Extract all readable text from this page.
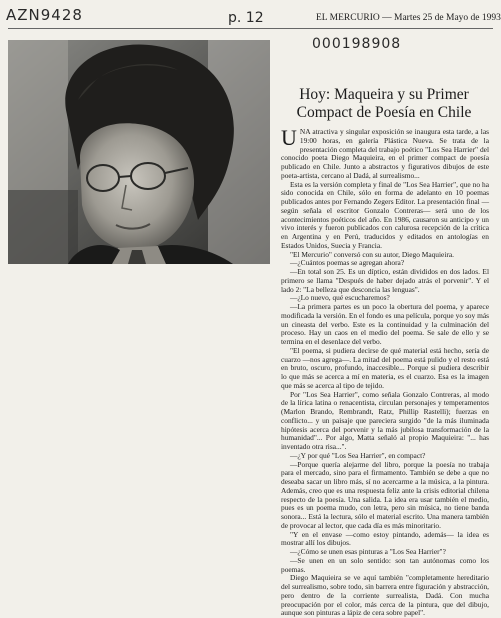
AZN9428	p. 12
000198908
EL MERCURIO — Martes 25 de Mayo de 1993
Hoy: Maqueira y su Primer Compact de Poesía en Chile

UNA atractiva y singular exposición se inaugura esta tarde, a las 19:00 horas, en galería Plástica Nueva. Se trata de la presentación completa del trabajo poético "Los Sea Harrier" del conocido poeta Diego Maquieira, en el primer compact de poesía publicado en Chile. Junto a abstractos y figurativos dibujos de este poeta-artista, cercano al Dadá, al surrealismo...

Esta es la versión completa y final de "Los Sea Harrier", que no ha sido conocida en Chile, sólo en forma de adelanto en 10 poemas publicados antes por Fernando Zegers Editor. La presentación final —según señala el escritor Gonzalo Contreras— será uno de los acontecimientos poéticos del año. En 1986, causaron su anticipo y un vivo interés y fueron publicados con calurosa recepción de la crítica en Argentina y en Perú, traducidos y editados en antologías en Estados Unidos, Suecia y Francia.

"El Mercurio" conversó con su autor, Diego Maquieira.

—¿Cuántos poemas se agregan ahora?

—En total son 25. Es un díptico, están divididos en dos lados. El primero se llama "Después de haber dejado atrás el porvenir". Y el lado 2: "La belleza que desconcia las lenguas".

—¿Lo nuevo, qué escucharemos?

—La primera partes es un poco la obertura del poema, y aparece modificada la versión. En el fondo es una película, porque yo soy más un cineasta del verbo. Este es la continuidad y la culminación del proceso. Hay un caos en el medio del poema. Se sale de ello y se termina en el desenlace del verbo.

"El poema, si pudiera decirse de qué material está hecho, sería de cuarzo —nos agrega—. La mitad del poema está pulido y el resto está en bruto, oscuro, profundo, inaccesible... Porque si pudiera describir lo que más se acerca a mí en materia, es el cuarzo. Esa es la imagen que más se acerca al tipo de tejido.

Por "Los Sea Harrier", como señala Gonzalo Contreras, al modo de la lírica latina o renacentista, circulan personajes y temperamentos (Marlon Brando, Rembrandt, Ratz, Phillip Rastelli); fuerzas en conflicto... y un paisaje que pareciera surgido "de la más iluminada hipótesis acerca del porvenir y la más jubilosa transformación de la humanidad"... Por algo, Matta señaló al propio Maquieira: "... has inventado otra risa...".

—¿Y por qué "Los Sea Harrier", en compact?

—Porque quería alejarme del libro, porque la poesía no trabaja para el mercado, sino para el firmamento. También se debe a que no deseaba sacar un libro más, sí no acercarme a la música, a la pintura. Además, creo que es una respuesta feliz ante la crisis editorial chilena respecto de la poesía. Una salida. La idea era usar también el medio, pues es un poema mudo, con letra, pero sin música, no tiene banda sonora... Está la lectura, sólo el material escrito. Una manera también de provocar al lector, que cada día es más minoritario.

"Y en el envase —como estoy pintando, además— la idea es mostrar allí los dibujos.

—¿Cómo se unen esas pinturas a "Los Sea Harrier"?

—Se unen en un solo sentido: son tan autónomas como los poemas.

Diego Maquieira se ve aquí también "completamente hereditario del surrealismo, sobre todo, sin barrera entre figuración y abstracción, pero dentro de la corriente surrealista, Dadá. Con mucha preocupación por el color, más cerca de la pintura, que del dibujo, aunque son pinturas a lápiz de cera sobre papel".
